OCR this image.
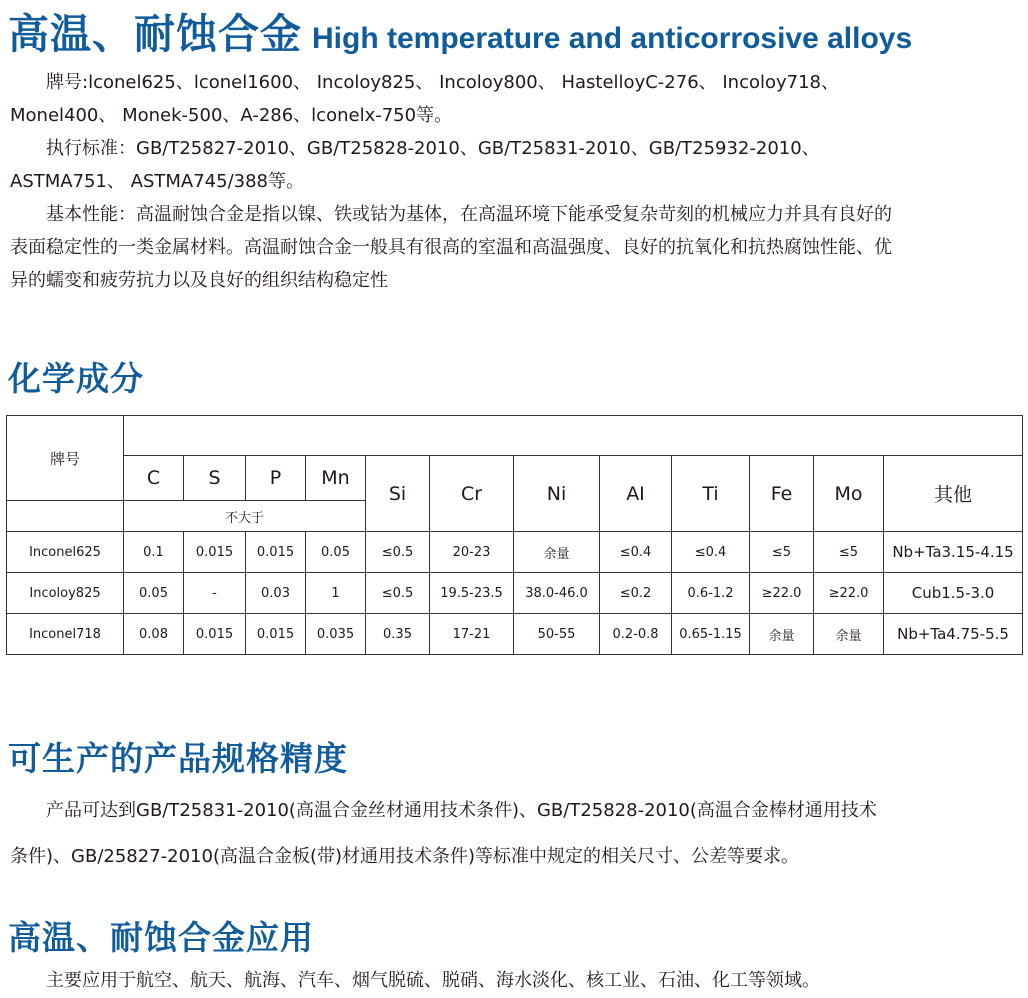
高温、耐蚀合金 High temperature and anticorrosive alloys
牌号:lconel625、lconel1600、 Incoloy825、 Incoloy800、 HastelloyC-276、 Incoloy718、
Monel400、 Monek-500、A-286、lconelx-750等。
执行标准：GB/T25827-2010、GB/T25828-2010、GB/T25831-2010、GB/T25932-2010、
ASTMA751、 ASTMA745/388等。
基本性能：高温耐蚀合金是指以镍、铁或钴为基体，在高温环境下能承受复杂苛刻的机械应力并具有良好的
表面稳定性的一类金属材料。高温耐蚀合金一般具有很高的室温和高温强度、良好的抗氧化和抗热腐蚀性能、优
异的蠕变和疲劳抗力以及良好的组织结构稳定性
化学成分
牌号												
	C	S	P	Mn	Si	Cr	Ni	AI	Ti	Fe	Mo	其他
	不大于											
Inconel625	0.1	0.015	0.015	0.05	≤0.5	20-23	余量	≤0.4	≤0.4	≤5	≤5	Nb+Ta3.15-4.15
Incoloy825	0.05	-	0.03	1	≤0.5	19.5-23.5	38.0-46.0	≤0.2	0.6-1.2	≥22.0	≥22.0	Cub1.5-3.0
Inconel718	0.08	0.015	0.015	0.035	0.35	17-21	50-55	0.2-0.8	0.65-1.15	余量	余量	Nb+Ta4.75-5.5
可生产的产品规格精度
产品可达到GB/T25831-2010(高温合金丝材通用技术条件)、GB/T25828-2010(高温合金棒材通用技术
条件)、GB/25827-2010(高温合金板(带)材通用技术条件)等标准中规定的相关尺寸、公差等要求。
高温、耐蚀合金应用
主要应用于航空、航天、航海、汽车、烟气脱硫、脱硝、海水淡化、核工业、石油、化工等领域。
